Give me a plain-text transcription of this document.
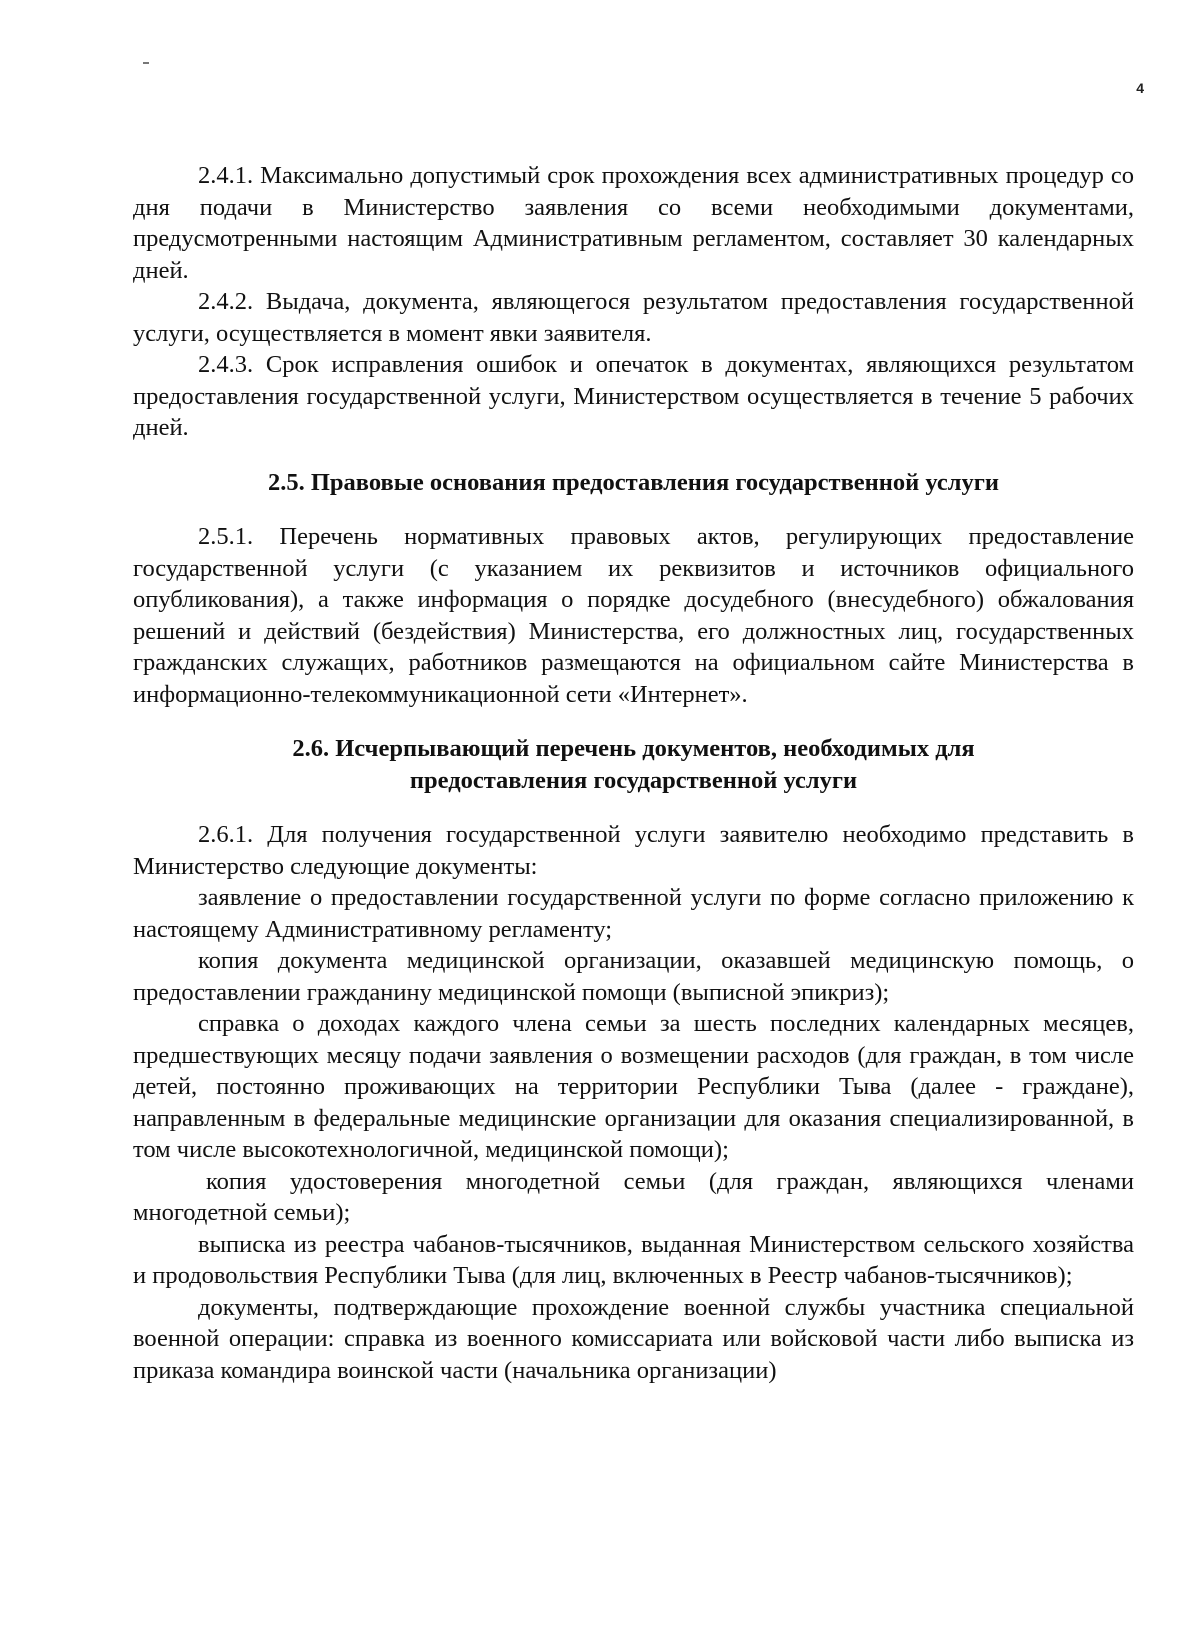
4

2.4.1. Максимально допустимый срок прохождения всех административных процедур со дня подачи в Министерство заявления со всеми необходимыми документами, предусмотренными настоящим Административным регламентом, составляет 30 календарных дней.

2.4.2. Выдача, документа, являющегося результатом предоставления государственной услуги, осуществляется в момент явки заявителя.

2.4.3. Срок исправления ошибок и опечаток в документах, являющихся результатом предоставления государственной услуги, Министерством осуществляется в течение 5 рабочих дней.

2.5. Правовые основания предоставления государственной услуги

2.5.1. Перечень нормативных правовых актов, регулирующих предоставление государственной услуги (с указанием их реквизитов и источников официального опубликования), а также информация о порядке досудебного (внесудебного) обжалования решений и действий (бездействия) Министерства, его должностных лиц, государственных гражданских служащих, работников размещаются на официальном сайте Министерства в информационно-телекоммуникационной сети «Интернет».

2.6. Исчерпывающий перечень документов, необходимых для
предоставления государственной услуги

2.6.1. Для получения государственной услуги заявителю необходимо представить в Министерство следующие документы:

заявление о предоставлении государственной услуги по форме согласно приложению к настоящему Административному регламенту;

копия документа медицинской организации, оказавшей медицинскую помощь, о предоставлении гражданину медицинской помощи (выписной эпикриз);

справка о доходах каждого члена семьи за шесть последних календарных месяцев, предшествующих месяцу подачи заявления о возмещении расходов (для граждан, в том числе детей, постоянно проживающих на территории Республики Тыва (далее - граждане), направленным в федеральные медицинские организации для оказания специализированной, в том числе высокотехнологичной, медицинской помощи);

копия удостоверения многодетной семьи (для граждан, являющихся членами многодетной семьи);

выписка из реестра чабанов-тысячников, выданная Министерством сельского хозяйства и продовольствия Республики Тыва (для лиц, включенных в Реестр чабанов-тысячников);

документы, подтверждающие прохождение военной службы участника специальной военной операции: справка из военного комиссариата или войсковой части либо выписка из приказа командира воинской части (начальника организации)
